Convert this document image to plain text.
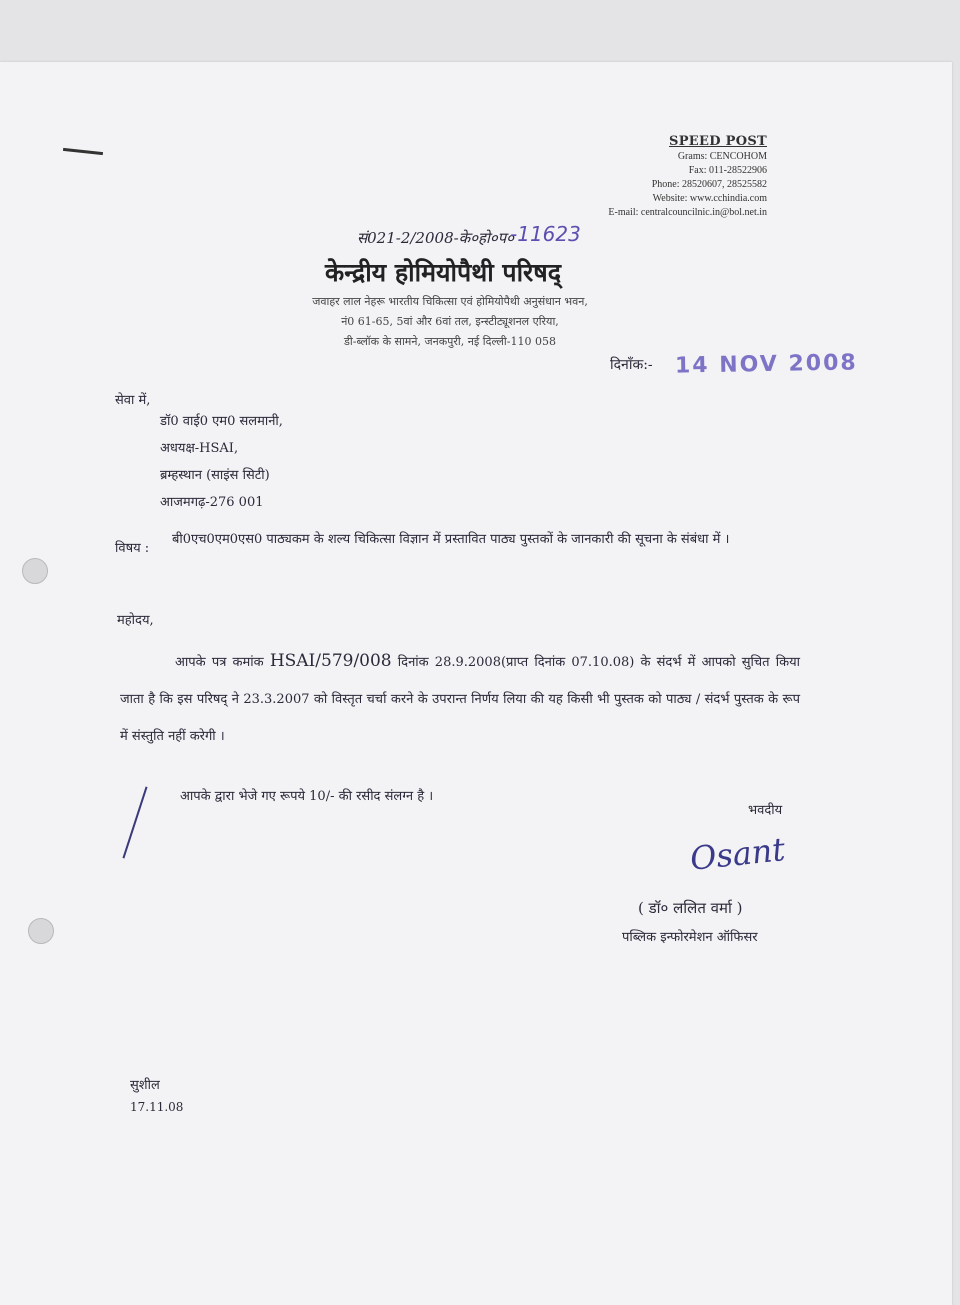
SPEED POST
Grams: CENCOHOM
Fax: 011-28522906
Phone: 28520607, 28525582
Website: www.cchindia.com
E-mail: centralcouncilnic.in@bol.net.in
सं021-2/2008-के०हो०प०
-11623
केन्द्रीय होमियोपैथी परिषद्
जवाहर लाल नेहरू भारतीय चिकित्सा एवं होमियोपैथी अनुसंधान भवन,
नं0 61-65, 5वां और 6वां तल, इन्स्टीट्यूशनल एरिया,
डी-ब्लॉक के सामने, जनकपुरी, नई दिल्ली-110 058
दिनाँक:- 14 NOV 2008
सेवा में,
डॉ0 वाई0 एम0 सलमानी,
अधयक्ष-HSAI,
ब्रम्हस्थान (साइंस सिटी)
आजमगढ़-276 001
विषय :
बी0एच0एम0एस0 पाठ्यकम के शल्य चिकित्सा विज्ञान में प्रस्तावित पाठ्य पुस्तकों के जानकारी की सूचना के संबंधा में ।
महोदय,
आपके पत्र कमांक HSAI/579/008 दिनांक 28.9.2008(प्राप्त दिनांक 07.10.08) के संदर्भ में आपको सुचित किया जाता है कि इस परिषद् ने 23.3.2007 को विस्तृत चर्चा करने के उपरान्त निर्णय लिया की यह किसी भी पुस्तक को पाठ्य / संदर्भ पुस्तक के रूप में संस्तुति नहीं करेगी ।
आपके द्वारा भेजे गए रूपये 10/- की रसीद संलग्न है ।
भवदीय
Osant
( डॉ० ललित वर्मा )
पब्लिक इन्फोरमेशन ऑफिसर
सुशील
17.11.08
